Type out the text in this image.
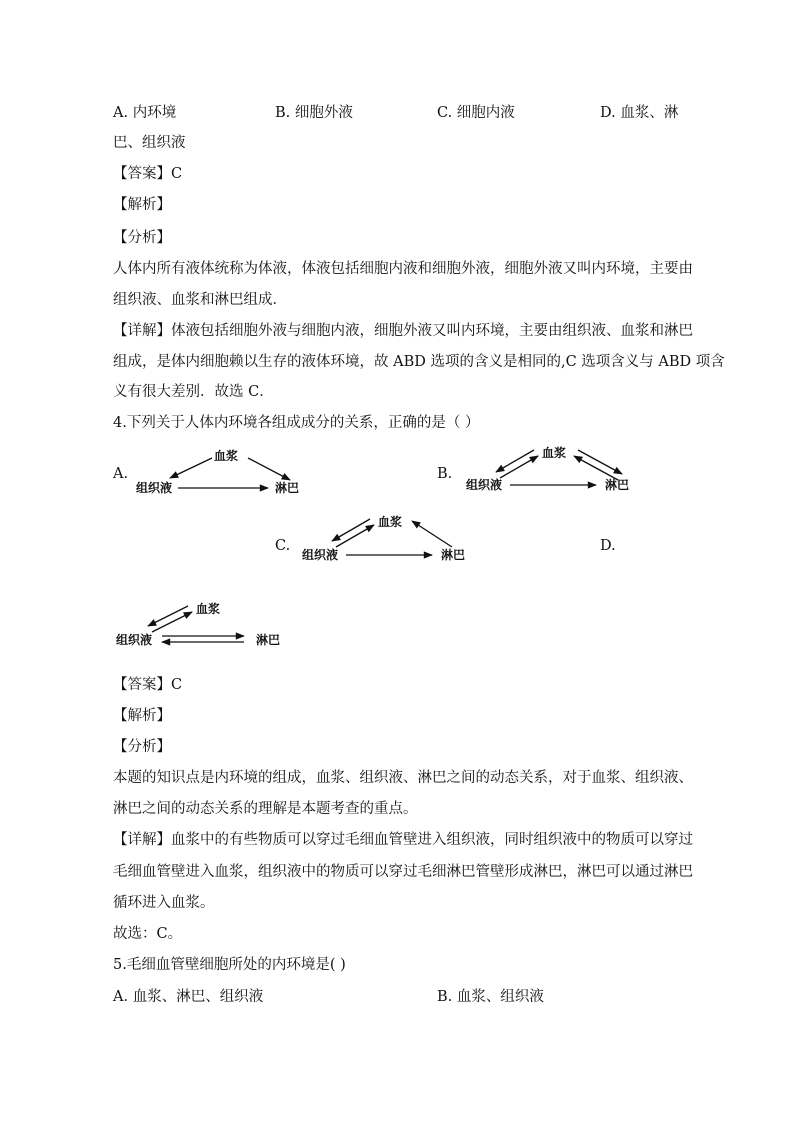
A. 内环境	B. 细胞外液	C. 细胞内液	D. 血浆、淋
巴、组织液
【答案】C
【解析】
【分析】
人体内所有液体统称为体液，体液包括细胞内液和细胞外液，细胞外液又叫内环境，主要由
组织液、血浆和淋巴组成．
【详解】体液包括细胞外液与细胞内液，细胞外液又叫内环境，主要由组织液、血浆和淋巴
组成，是体内细胞赖以生存的液体环境，故 ABD 选项的含义是相同的,C 选项含义与 ABD 项含
义有很大差别．故选 C．
4.下列关于人体内环境各组成成分的关系，正确的是（ ）
A.	B.
C.	D.
血浆
组织液	淋巴
血浆
组织液	淋巴
血浆
组织液	淋巴
血浆
组织液	淋巴
【答案】C
【解析】
【分析】
本题的知识点是内环境的组成，血浆、组织液、淋巴之间的动态关系，对于血浆、组织液、
淋巴之间的动态关系的理解是本题考查的重点。
【详解】血浆中的有些物质可以穿过毛细血管壁进入组织液，同时组织液中的物质可以穿过
毛细血管壁进入血浆，组织液中的物质可以穿过毛细淋巴管壁形成淋巴，淋巴可以通过淋巴
循环进入血浆。
故选：C。
5.毛细血管壁细胞所处的内环境是( )
A. 血浆、淋巴、组织液	B. 血浆、组织液
